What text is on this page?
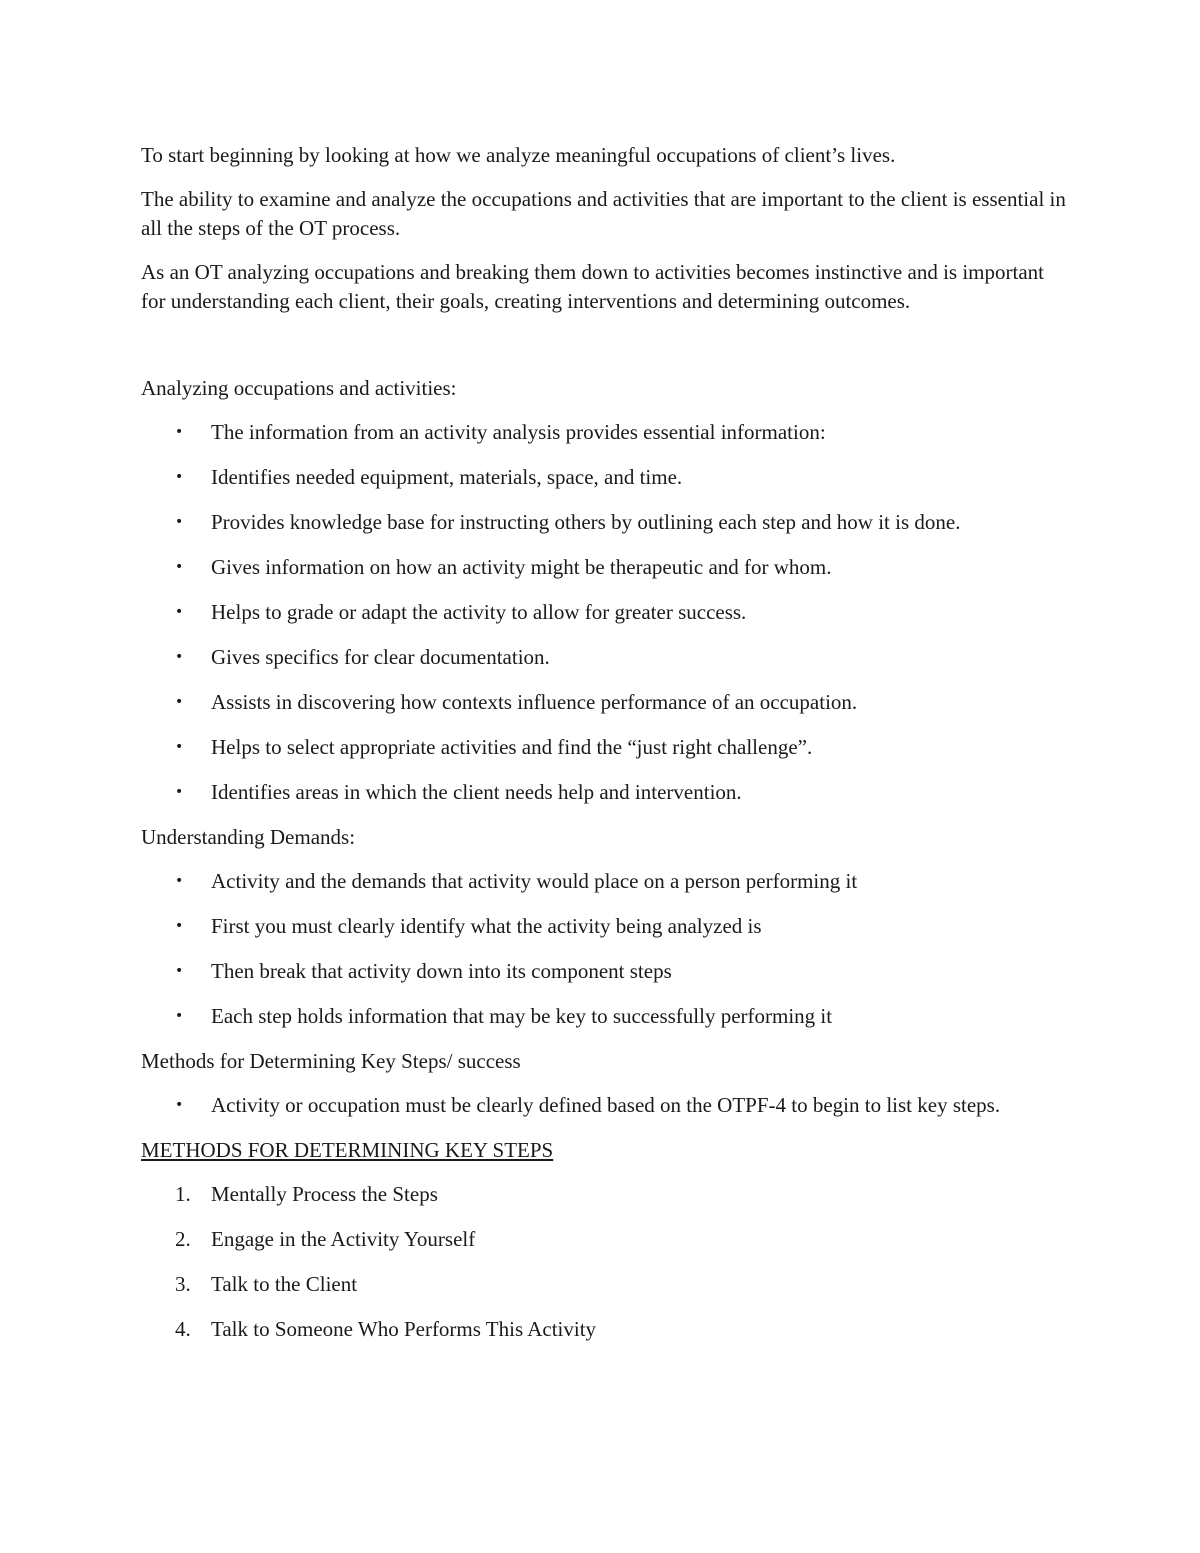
To start beginning by looking at how we analyze meaningful occupations of client’s lives.

The ability to examine and analyze the occupations and activities that are important to the client is essential in all the steps of the OT process.

As an OT analyzing occupations and breaking them down to activities becomes instinctive and is important for understanding each client, their goals, creating interventions and determining outcomes.

Analyzing occupations and activities:

• The information from an activity analysis provides essential information:
• Identifies needed equipment, materials, space, and time.
• Provides knowledge base for instructing others by outlining each step and how it is done.
• Gives information on how an activity might be therapeutic and for whom.
• Helps to grade or adapt the activity to allow for greater success.
• Gives specifics for clear documentation.
• Assists in discovering how contexts influence performance of an occupation.
• Helps to select appropriate activities and find the “just right challenge”.
• Identifies areas in which the client needs help and intervention.

Understanding Demands:

• Activity and the demands that activity would place on a person performing it
• First you must clearly identify what the activity being analyzed is
• Then break that activity down into its component steps
• Each step holds information that may be key to successfully performing it

Methods for Determining Key Steps/ success

• Activity or occupation must be clearly defined based on the OTPF-4 to begin to list key steps.

METHODS FOR DETERMINING KEY STEPS

1. Mentally Process the Steps
2. Engage in the Activity Yourself
3. Talk to the Client
4. Talk to Someone Who Performs This Activity
